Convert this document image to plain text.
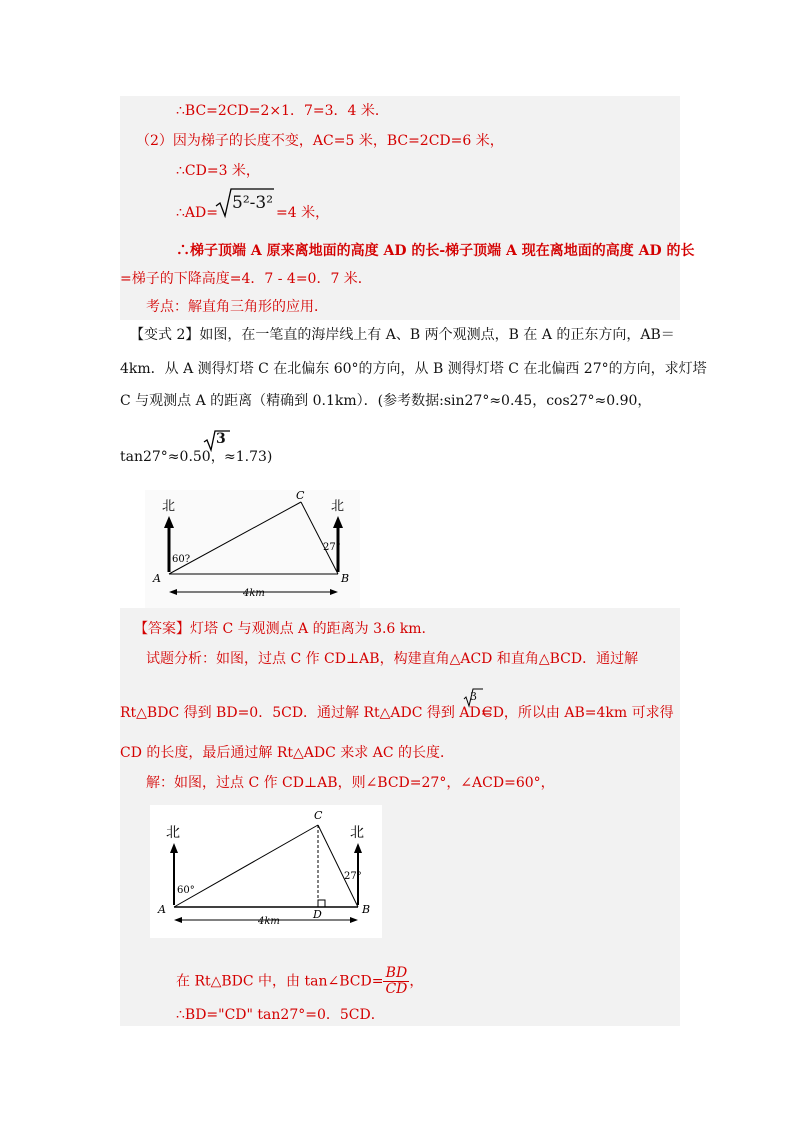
∴BC=2CD=2×1．7=3．4 米．
（2）因为梯子的长度不变，AC=5 米，BC=2CD=6 米，
∴CD=3 米，
∴AD= 5²-3² =4 米，
∴梯子顶端 A 原来离地面的高度 AD 的长-梯子顶端 A 现在离地面的高度 AD 的长
=梯子的下降高度=4．7 - 4=0．7 米．
考点：解直角三角形的应用．
【变式 2】如图，在一笔直的海岸线上有 A、B 两个观测点，B 在 A 的正东方向，AB＝
4km．从 A 测得灯塔 C 在北偏东 60°的方向，从 B 测得灯塔 C 在北偏西 27°的方向，求灯塔
C 与观测点 A 的距离（精确到 0.1km）．(参考数据:sin27°≈0.45，cos27°≈0.90，
tan27°≈0.50，
3
≈1.73)
北	北
60?
27°
A	B
C
4km
【答案】灯塔 C 与观测点 A 的距离为 3.6 km.
试题分析：如图，过点 C 作 CD⊥AB，构建直角△ACD 和直角△BCD．通过解
Rt△BDC 得到 BD=0．5CD．通过解 Rt△ADC 得到 AD=
3
CD，所以由 AB=4km 可求得
CD 的长度，最后通过解 Rt△ADC 来求 AC 的长度．
解：如图，过点 C 作 CD⊥AB，则∠BCD=27°，∠ACD=60°，
北	北
60°
27°
A	B
C
D
4km
在 Rt△BDC 中，由 tan∠BCD= $\frac{BD}{CD}$ ，
∴BD="CD" tan27°=0．5CD．
